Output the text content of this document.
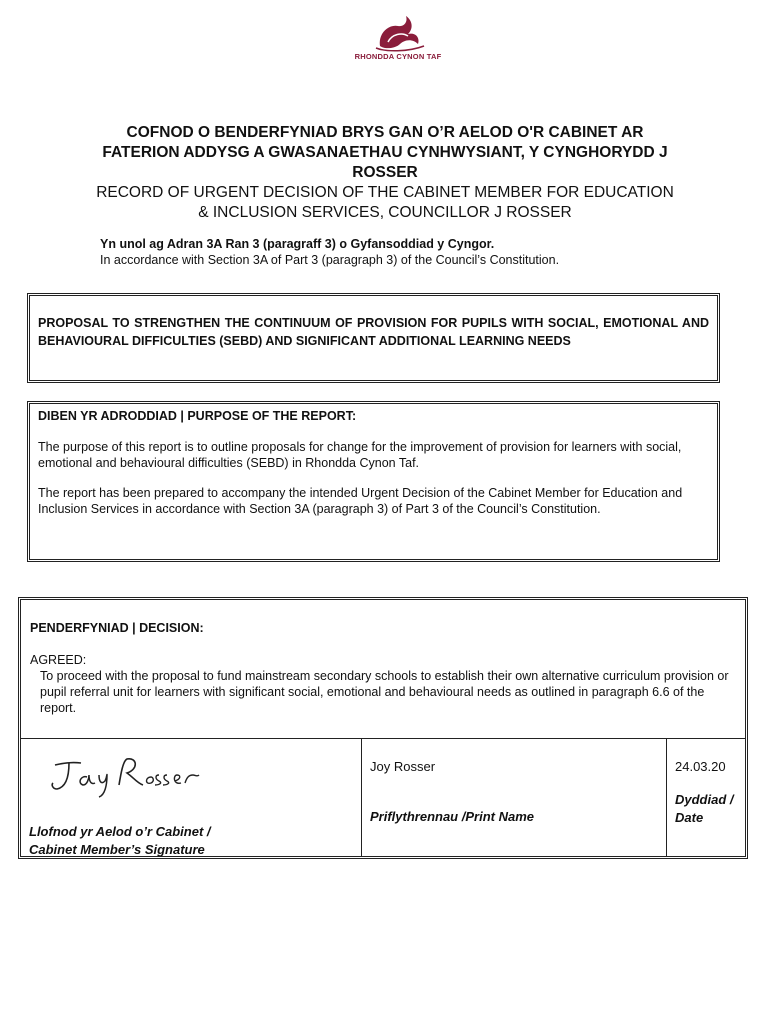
RHONDDA CYNON TAF

COFNOD O BENDERFYNIAD BRYS GAN O’R AELOD O'R CABINET AR FATERION ADDYSG A GWASANAETHAU CYNHWYSIANT, Y CYNGHORYDD J ROSSER

RECORD OF URGENT DECISION OF THE CABINET MEMBER FOR EDUCATION & INCLUSION SERVICES, COUNCILLOR J ROSSER

Yn unol ag Adran 3A Ran 3 (paragraff 3) o Gyfansoddiad y Cyngor.
In accordance with Section 3A of Part 3 (paragraph 3) of the Council’s Constitution.
PROPOSAL TO STRENGTHEN THE CONTINUUM OF PROVISION FOR PUPILS WITH SOCIAL, EMOTIONAL AND BEHAVIOURAL DIFFICULTIES (SEBD) AND SIGNIFICANT ADDITIONAL LEARNING NEEDS
DIBEN YR ADRODDIAD | PURPOSE OF THE REPORT:
The purpose of this report is to outline proposals for change for the improvement of provision for learners with social, emotional and behavioural difficulties (SEBD) in Rhondda Cynon Taf.
The report has been prepared to accompany the intended Urgent Decision of the Cabinet Member for Education and Inclusion Services in accordance with Section 3A (paragraph 3) of Part 3 of the Council’s Constitution.
PENDERFYNIAD | DECISION:
AGREED:
To proceed with the proposal to fund mainstream secondary schools to establish their own alternative curriculum provision or pupil referral unit for learners with significant social, emotional and behavioural needs as outlined in paragraph 6.6 of the report.
Llofnod yr Aelod o’r Cabinet /
Cabinet Member’s Signature
Joy Rosser
Priflythrennau /Print Name
24.03.20
Dyddiad /
Date
